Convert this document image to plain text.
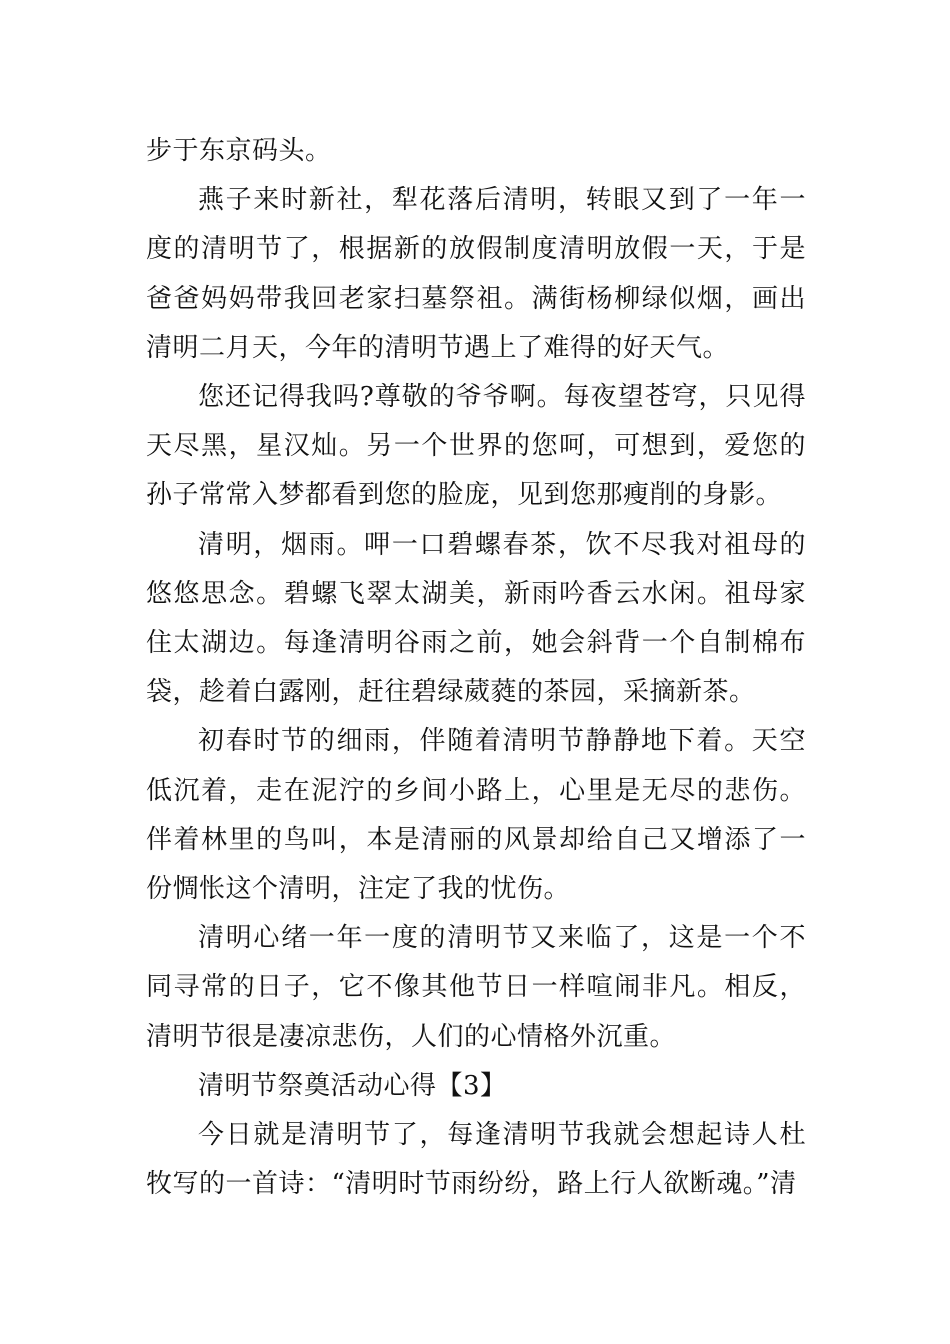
步于东京码头。

燕子来时新社，犁花落后清明，转眼又到了一年一度的清明节了，根据新的放假制度清明放假一天，于是爸爸妈妈带我回老家扫墓祭祖。满街杨柳绿似烟，画出清明二月天，今年的清明节遇上了难得的好天气。

您还记得我吗?尊敬的爷爷啊。每夜望苍穹，只见得天尽黑，星汉灿。另一个世界的您呵，可想到，爱您的孙子常常入梦都看到您的脸庞，见到您那瘦削的身影。

清明，烟雨。呷一口碧螺春茶，饮不尽我对祖母的悠悠思念。碧螺飞翠太湖美，新雨吟香云水闲。祖母家住太湖边。每逢清明谷雨之前，她会斜背一个自制棉布袋，趁着白露刚，赶往碧绿葳蕤的茶园，采摘新茶。

初春时节的细雨，伴随着清明节静静地下着。天空低沉着，走在泥泞的乡间小路上，心里是无尽的悲伤。伴着林里的鸟叫，本是清丽的风景却给自己又增添了一份惆怅这个清明，注定了我的忧伤。

清明心绪一年一度的清明节又来临了，这是一个不同寻常的日子，它不像其他节日一样喧闹非凡。相反，清明节很是凄凉悲伤，人们的心情格外沉重。

清明节祭奠活动心得【3】

今日就是清明节了，每逢清明节我就会想起诗人杜牧写的一首诗：“清明时节雨纷纷，路上行人欲断魂。”清
